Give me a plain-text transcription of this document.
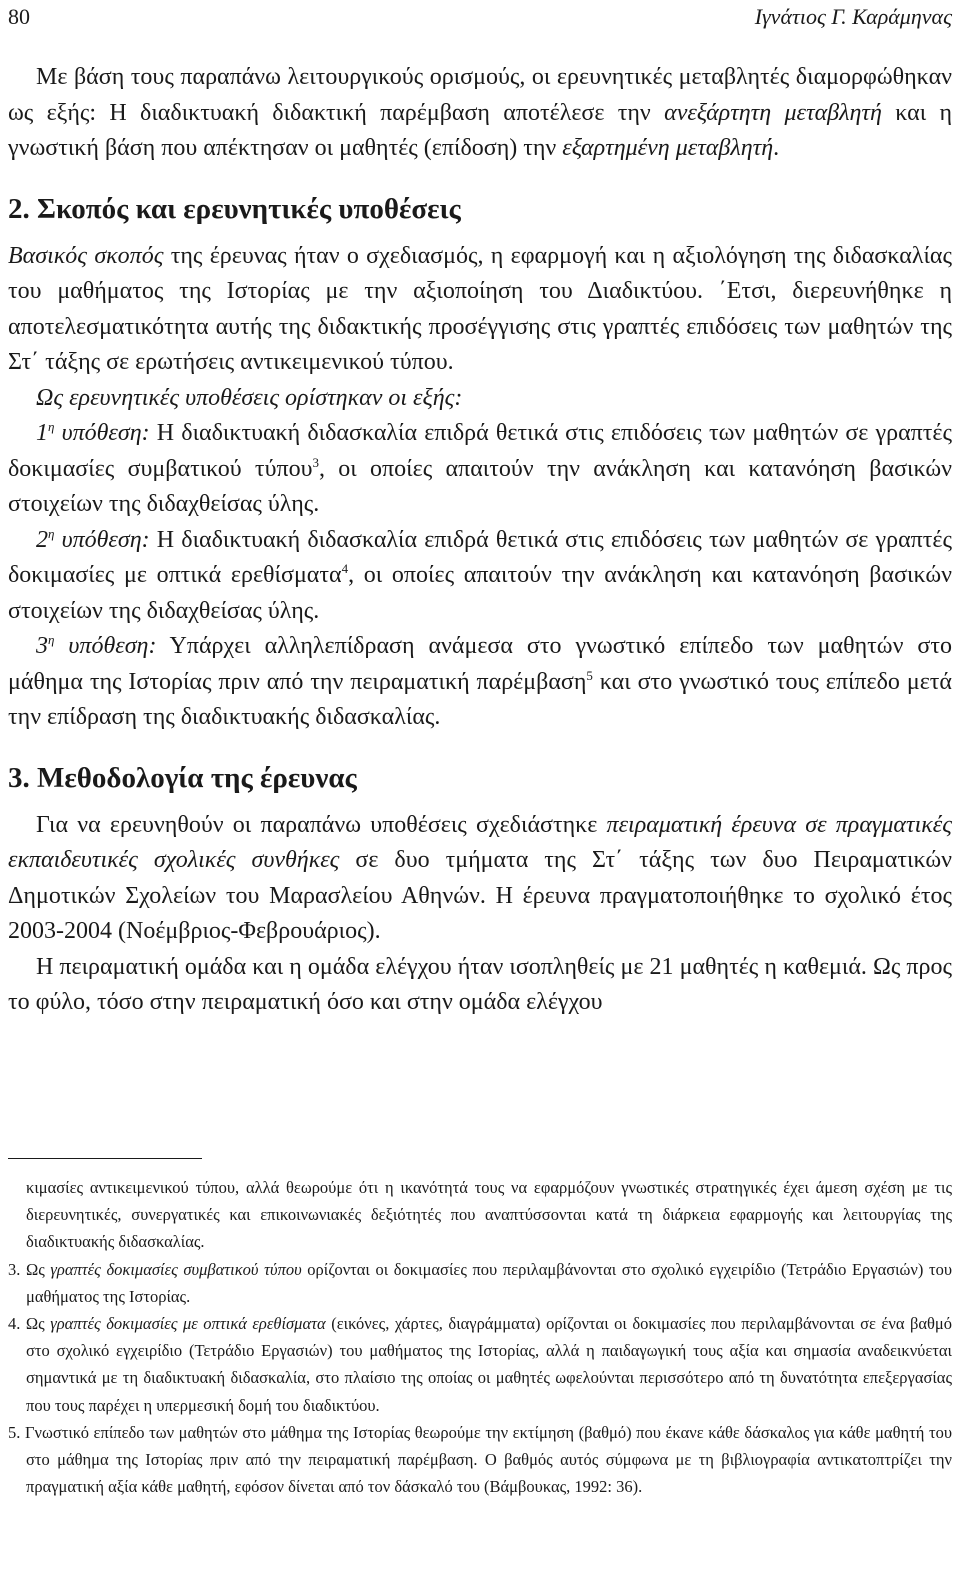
80	Ιγνάτιος Γ. Καράμηνας

Με βάση τους παραπάνω λειτουργικούς ορισμούς, οι ερευνητικές μεταβλητές διαμορφώθηκαν ως εξής: Η διαδικτυακή διδακτική παρέμβαση αποτέλεσε την ανεξάρτητη μεταβλητή και η γνωστική βάση που απέκτησαν οι μαθητές (επίδοση) την εξαρτημένη μεταβλητή.

2. Σκοπός και ερευνητικές υποθέσεις

Βασικός σκοπός της έρευνας ήταν ο σχεδιασμός, η εφαρμογή και η αξιολόγηση της διδασκαλίας του μαθήματος της Ιστορίας με την αξιοποίηση του Διαδικτύου. ΄Ετσι, διερευνήθηκε η αποτελεσματικότητα αυτής της διδακτικής προσέγγισης στις γραπτές επιδόσεις των μαθητών της Στ΄ τάξης σε ερωτήσεις αντικειμενικού τύπου.

Ως ερευνητικές υποθέσεις ορίστηκαν οι εξής:

$1^\eta$ υπόθεση: Η διαδικτυακή διδασκαλία επιδρά θετικά στις επιδόσεις των μαθητών σε γραπτές δοκιμασίες συμβατικού τύπου$^3$, οι οποίες απαιτούν την ανάκληση και κατανόηση βασικών στοιχείων της διδαχθείσας ύλης.

$2^\eta$ υπόθεση: Η διαδικτυακή διδασκαλία επιδρά θετικά στις επιδόσεις των μαθητών σε γραπτές δοκιμασίες με οπτικά ερεθίσματα$^4$, οι οποίες απαιτούν την ανάκληση και κατανόηση βασικών στοιχείων της διδαχθείσας ύλης.

$3^\eta$ υπόθεση: Υπάρχει αλληλεπίδραση ανάμεσα στο γνωστικό επίπεδο των μαθητών στο μάθημα της Ιστορίας πριν από την πειραματική παρέμβαση$^5$ και στο γνωστικό τους επίπεδο μετά την επίδραση της διαδικτυακής διδασκαλίας.

3. Μεθοδολογία της έρευνας

Για να ερευνηθούν οι παραπάνω υποθέσεις σχεδιάστηκε πειραματική έρευνα σε πραγματικές εκπαιδευτικές σχολικές συνθήκες σε δυο τμήματα της Στ΄ τάξης των δυο Πειραματικών Δημοτικών Σχολείων του Μαρασλείου Αθηνών. Η έρευνα πραγματοποιήθηκε το σχολικό έτος 2003-2004 (Νοέμβριος-Φεβρουάριος).

Η πειραματική ομάδα και η ομάδα ελέγχου ήταν ισοπληθείς με 21 μαθητές η καθεμιά. Ως προς το φύλο, τόσο στην πειραματική όσο και στην ομάδα ελέγχου

κιμασίες αντικειμενικού τύπου, αλλά θεωρούμε ότι η ικανότητά τους να εφαρμόζουν γνωστικές στρατηγικές έχει άμεση σχέση με τις διερευνητικές, συνεργατικές και επικοινωνιακές δεξιότητές που αναπτύσσονται κατά τη διάρκεια εφαρμογής και λειτουργίας της διαδικτυακής διδασκαλίας.

3. Ως γραπτές δοκιμασίες συμβατικού τύπου ορίζονται οι δοκιμασίες που περιλαμβάνονται στο σχολικό εγχειρίδιο (Τετράδιο Εργασιών) του μαθήματος της Ιστορίας.

4. Ως γραπτές δοκιμασίες με οπτικά ερεθίσματα (εικόνες, χάρτες, διαγράμματα) ορίζονται οι δοκιμασίες που περιλαμβάνονται σε ένα βαθμό στο σχολικό εγχειρίδιο (Τετράδιο Εργασιών) του μαθήματος της Ιστορίας, αλλά η παιδαγωγική τους αξία και σημασία αναδεικνύεται σημαντικά με τη διαδικτυακή διδασκαλία, στο πλαίσιο της οποίας οι μαθητές ωφελούνται περισσότερο από τη δυνατότητα επεξεργασίας που τους παρέχει η υπερμεσική δομή του διαδικτύου.

5. Γνωστικό επίπεδο των μαθητών στο μάθημα της Ιστορίας θεωρούμε την εκτίμηση (βαθμό) που έκανε κάθε δάσκαλος για κάθε μαθητή του στο μάθημα της Ιστορίας πριν από την πειραματική παρέμβαση. Ο βαθμός αυτός σύμφωνα με τη βιβλιογραφία αντικατοπτρίζει την πραγματική αξία κάθε μαθητή, εφόσον δίνεται από τον δάσκαλό του (Βάμβουκας, 1992: 36).
